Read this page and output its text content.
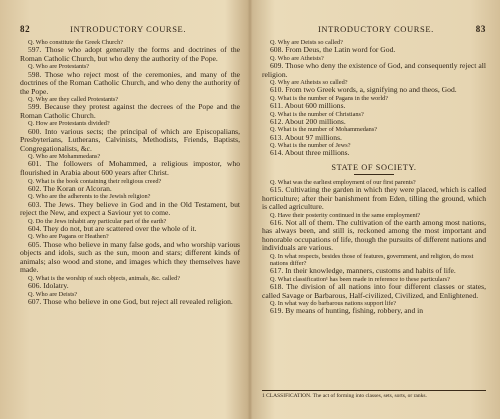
82	INTRODUCTORY COURSE.
Q. Who constitute the Greek Church?
597. Those who adopt generally the forms and doctrines of the Roman Catholic Church, but who deny the authority of the Pope.
Q. Who are Protestants?
598. Those who reject most of the ceremonies, and many of the doctrines of the Roman Catholic Church, and who deny the authority of the Pope.
Q. Why are they called Protestants?
599. Because they protest against the decrees of the Pope and the Roman Catholic Church.
Q. How are Protestants divided?
600. Into various sects; the principal of which are Episcopalians, Presbyterians, Lutherans, Calvinists, Methodists, Friends, Baptists, Congregationalists, &c.
Q. Who are Mohammedans?
601. The followers of Mohammed, a religious impostor, who flourished in Arabia about 600 years after Christ.
Q. What is the book containing their religious creed?
602. The Koran or Alcoran.
Q. Who are the adherents to the Jewish religion?
603. The Jews. They believe in God and in the Old Testament, but reject the New, and expect a Saviour yet to come.
Q. Do the Jews inhabit any particular part of the earth?
604. They do not, but are scattered over the whole of it.
Q. Who are Pagans or Heathen?
605. Those who believe in many false gods, and who worship various objects and idols, such as the sun, moon and stars; different kinds of animals; also wood and stone, and images which they themselves have made.
Q. What is the worship of such objects, animals, &c. called?
606. Idolatry.
Q. Who are Deists?
607. Those who believe in one God, but reject all revealed religion.
INTRODUCTORY COURSE.	83
Q. Why are Deists so called?
608. From Deus, the Latin word for God.
Q. Who are Atheists?
609. Those who deny the existence of God, and consequently reject all religion.
Q. Why are Atheists so called?
610. From two Greek words, a, signifying no and theos, God.
Q. What is the number of Pagans in the world?
611. About 600 millions.
Q. What is the number of Christians?
612. About 200 millions.
Q. What is the number of Mohammedans?
613. About 97 millions.
Q. What is the number of Jews?
614. About three millions.
STATE OF SOCIETY.
Q. What was the earliest employment of our first parents?
615. Cultivating the garden in which they were placed, which is called horticulture; after their banishment from Eden, tilling the ground, which is called agriculture.
Q. Have their posterity continued in the same employment?
616. Not all of them. The cultivation of the earth among most nations, has always been, and still is, reckoned among the most important and honorable occupations of life, though the pursuits of different nations and individuals are various.
Q. In what respects, besides those of features, government, and religion, do most nations differ?
617. In their knowledge, manners, customs and habits of life.
Q. What classification¹ has been made in reference to these particulars?
618. The division of all nations into four different classes or states, called Savage or Barbarous, Half-civilized, Civilized, and Enlightened.
Q. In what way do barbarous nations support life?
619. By means of hunting, fishing, robbery, and in
1 CLASSIFICATION. The act of forming into classes, sets, sorts, or ranks.
